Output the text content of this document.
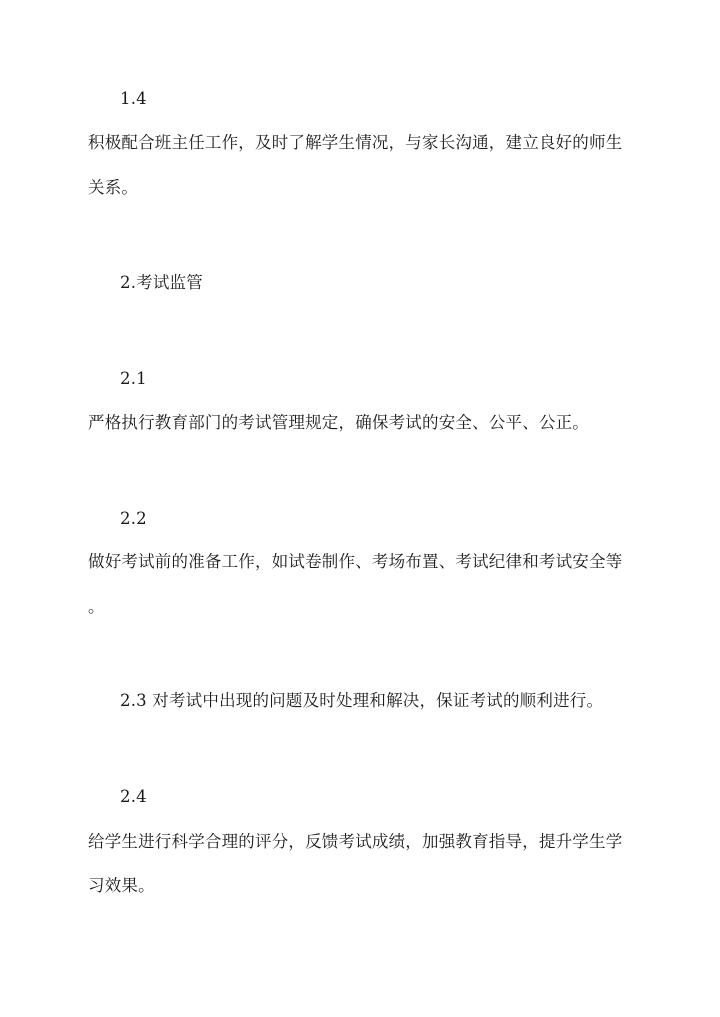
1.4
积极配合班主任工作，及时了解学生情况，与家长沟通，建立良好的师生
关系。
2.考试监管
2.1
严格执行教育部门的考试管理规定，确保考试的安全、公平、公正。
2.2
做好考试前的准备工作，如试卷制作、考场布置、考试纪律和考试安全等
。
2.3 对考试中出现的问题及时处理和解决，保证考试的顺利进行。
2.4
给学生进行科学合理的评分，反馈考试成绩，加强教育指导，提升学生学
习效果。
